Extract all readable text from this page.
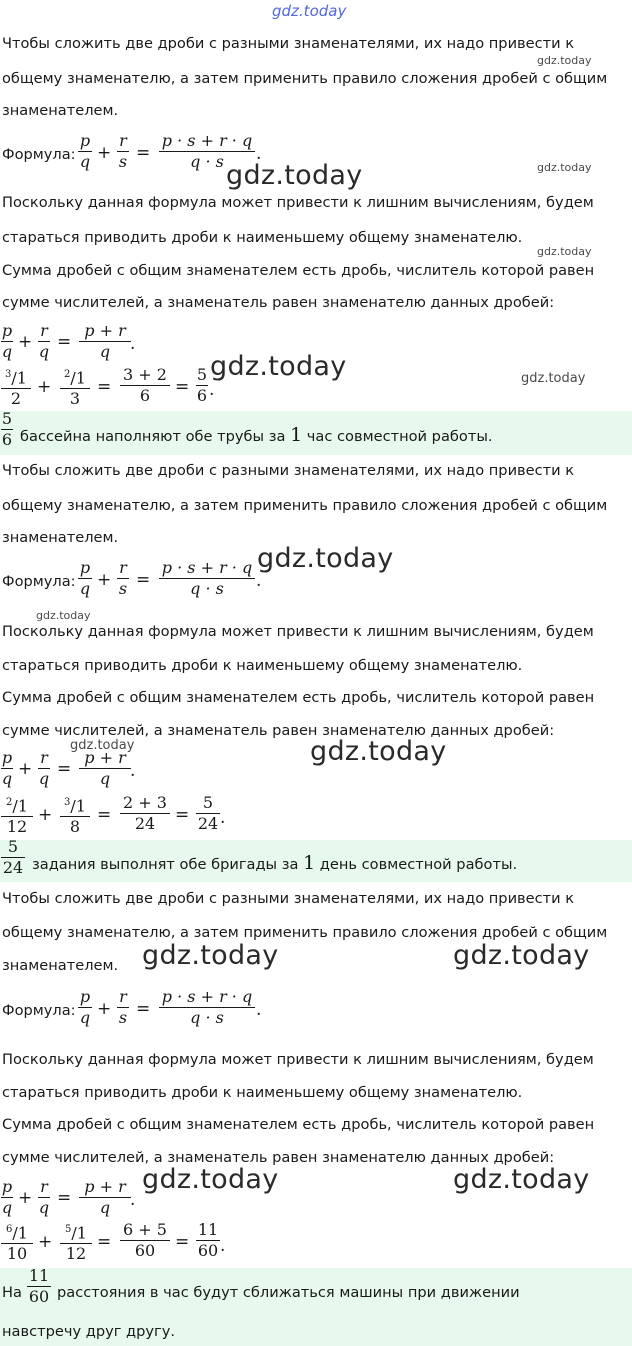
gdz.today
gdz.today
gdz.today
gdz.today
gdz.today
gdz.today
gdz.today
gdz.today
gdz.today
gdz.today
gdz.today
gdz.today	gdz.today
gdz.today	gdz.today
Чтобы сложить две дроби с разными знаменателями, их надо привести к
общему знаменателю, а затем применить правило сложения дробей с общим
знаменателем.
Формула:
p
q +
r
s =
p · s + r · q
q · s	.
Поскольку данная формула может привести к лишним вычислениям, будем
стараться приводить дроби к наименьшему общему знаменателю.
Сумма дробей с общим знаменателем есть дробь, числитель которой равен
сумме числителей, а знаменатель равен знаменателю данных дробей:
p
q +
r
q =
p + r
q	.
$^3$/1
2
+
$^2$/1
3
=
3 + 2
6	=
5
6 .
5
6 бассейна наполняют обе трубы за 1 час совместной работы.
Чтобы сложить две дроби с разными знаменателями, их надо привести к
общему знаменателю, а затем применить правило сложения дробей с общим
знаменателем.
Формула:
p
q +
r
s =
p · s + r · q
q · s	.
Поскольку данная формула может привести к лишним вычислениям, будем
стараться приводить дроби к наименьшему общему знаменателю.
Сумма дробей с общим знаменателем есть дробь, числитель которой равен
сумме числителей, а знаменатель равен знаменателю данных дробей:
p
q +
r
q =
p + r
q	.
$^2$/1
12
+
$^3$/1
8
=
2 + 3
24	=
5
24 .
5
24 задания выполнят обе бригады за 1 день совместной работы.
Чтобы сложить две дроби с разными знаменателями, их надо привести к
общему знаменателю, а затем применить правило сложения дробей с общим
знаменателем.
Формула:
p
q +
r
s =
p · s + r · q
q · s	.
Поскольку данная формула может привести к лишним вычислениям, будем
стараться приводить дроби к наименьшему общему знаменателю.
Сумма дробей с общим знаменателем есть дробь, числитель которой равен
сумме числителей, а знаменатель равен знаменателю данных дробей:
p
q +
r
q =
p + r
q	.
$^6$/1
10
+
$^5$/1
12
=
6 + 5
60	=
11
60 .
На
11
60 расстояния в час будут сближаться машины при движении
навстречу друг другу.
